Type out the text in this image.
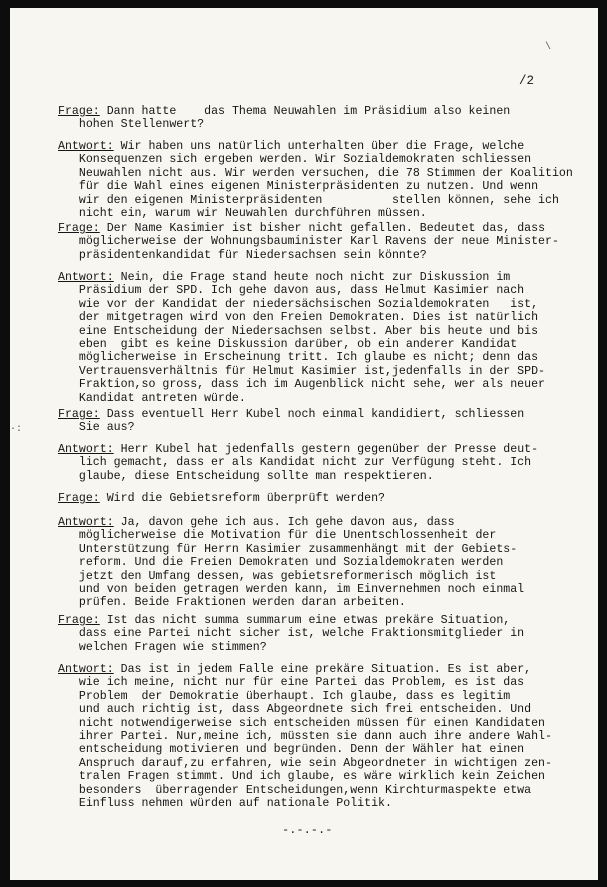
\
·:
/2
Frage: Dann hatte    das Thema Neuwahlen im Präsidium also keinen
hohen Stellenwert?
Antwort: Wir haben uns natürlich unterhalten über die Frage, welche
Konsequenzen sich ergeben werden. Wir Sozialdemokraten schliessen
Neuwahlen nicht aus. Wir werden versuchen, die 78 Stimmen der Koalition
für die Wahl eines eigenen Ministerpräsidenten zu nutzen. Und wenn
wir den eigenen Ministerpräsidenten          stellen können, sehe ich
nicht ein, warum wir Neuwahlen durchführen müssen.
Frage: Der Name Kasimier ist bisher nicht gefallen. Bedeutet das, dass
möglicherweise der Wohnungsbauminister Karl Ravens der neue Minister-
präsidentenkandidat für Niedersachsen sein könnte?
Antwort: Nein, die Frage stand heute noch nicht zur Diskussion im
Präsidium der SPD. Ich gehe davon aus, dass Helmut Kasimier nach
wie vor der Kandidat der niedersächsischen Sozialdemokraten   ist,
der mitgetragen wird von den Freien Demokraten. Dies ist natürlich
eine Entscheidung der Niedersachsen selbst. Aber bis heute und bis
eben  gibt es keine Diskussion darüber, ob ein anderer Kandidat
möglicherweise in Erscheinung tritt. Ich glaube es nicht; denn das
Vertrauensverhältnis für Helmut Kasimier ist,jedenfalls in der SPD-
Fraktion,so gross, dass ich im Augenblick nicht sehe, wer als neuer
Kandidat antreten würde.
Frage: Dass eventuell Herr Kubel noch einmal kandidiert, schliessen
Sie aus?
Antwort: Herr Kubel hat jedenfalls gestern gegenüber der Presse deut-
lich gemacht, dass er als Kandidat nicht zur Verfügung steht. Ich
glaube, diese Entscheidung sollte man respektieren.
Frage: Wird die Gebietsreform überprüft werden?
Antwort: Ja, davon gehe ich aus. Ich gehe davon aus, dass
möglicherweise die Motivation für die Unentschlossenheit der
Unterstützung für Herrn Kasimier zusammenhängt mit der Gebiets-
reform. Und die Freien Demokraten und Sozialdemokraten werden
jetzt den Umfang dessen, was gebietsreformerisch möglich ist
und von beiden getragen werden kann, im Einvernehmen noch einmal
prüfen. Beide Fraktionen werden daran arbeiten.
Frage: Ist das nicht summa summarum eine etwas prekäre Situation,
dass eine Partei nicht sicher ist, welche Fraktionsmitglieder in
welchen Fragen wie stimmen?
Antwort: Das ist in jedem Falle eine prekäre Situation. Es ist aber,
wie ich meine, nicht nur für eine Partei das Problem, es ist das
Problem  der Demokratie überhaupt. Ich glaube, dass es legitim
und auch richtig ist, dass Abgeordnete sich frei entscheiden. Und
nicht notwendigerweise sich entscheiden müssen für einen Kandidaten
ihrer Partei. Nur,meine ich, müssten sie dann auch ihre andere Wahl-
entscheidung motivieren und begründen. Denn der Wähler hat einen
Anspruch darauf,zu erfahren, wie sein Abgeordneter in wichtigen zen-
tralen Fragen stimmt. Und ich glaube, es wäre wirklich kein Zeichen
besonders  überragender Entscheidungen,wenn Kirchturmaspekte etwa
Einfluss nehmen würden auf nationale Politik.
-.-.-.-
